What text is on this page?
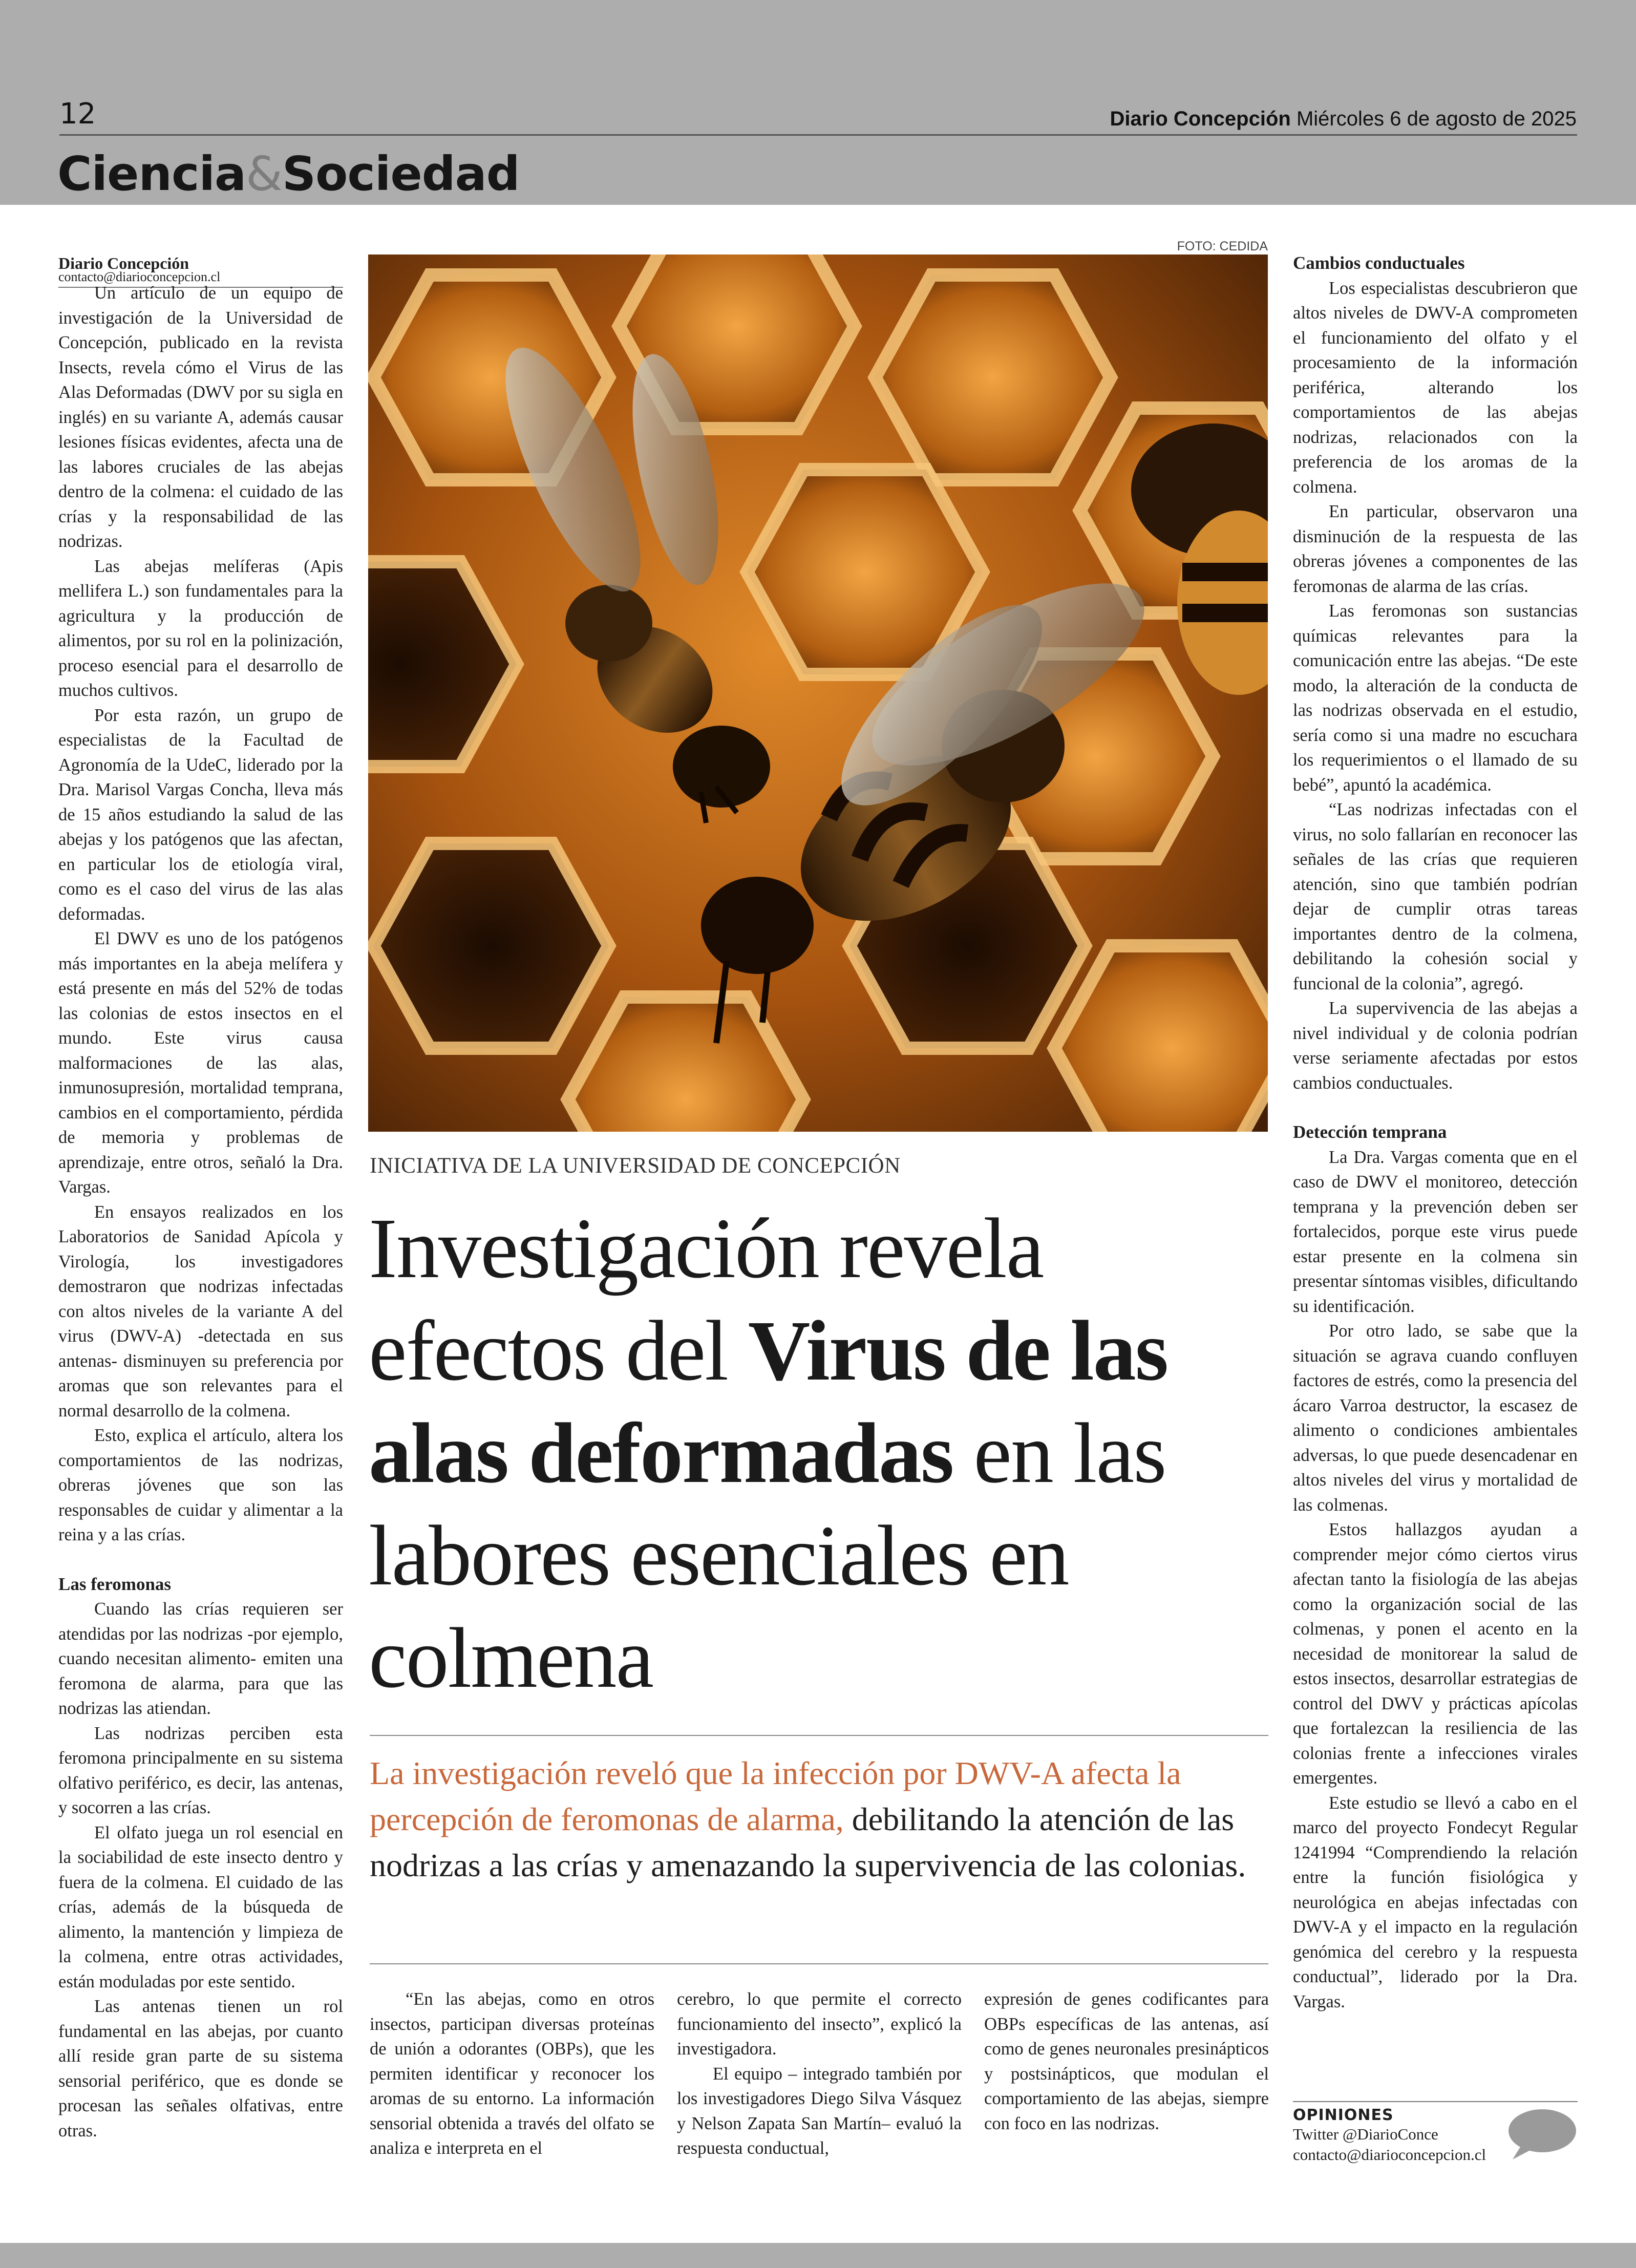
12	Diario Concepción Miércoles 6 de agosto de 2025
Ciencia&Sociedad
Diario Concepción
contacto@diarioconcepcion.cl

Un artículo de un equipo de investigación de la Universidad de Concepción, publicado en la revista Insects, revela cómo el Virus de las Alas Deformadas (DWV por su sigla en inglés) en su variante A, además causar lesiones físicas evidentes, afecta una de las labores cruciales de las abejas dentro de la colmena: el cuidado de las crías y la responsabilidad de las nodrizas.

Las abejas melíferas (Apis mellifera L.) son fundamentales para la agricultura y la producción de alimentos, por su rol en la polinización, proceso esencial para el desarrollo de muchos cultivos.

Por esta razón, un grupo de especialistas de la Facultad de Agronomía de la UdeC, liderado por la Dra. Marisol Vargas Concha, lleva más de 15 años estudiando la salud de las abejas y los patógenos que las afectan, en particular los de etiología viral, como es el caso del virus de las alas deformadas.

El DWV es uno de los patógenos más importantes en la abeja melífera y está presente en más del 52% de todas las colonias de estos insectos en el mundo. Este virus causa malformaciones de las alas, inmunosupresión, mortalidad temprana, cambios en el comportamiento, pérdida de memoria y problemas de aprendizaje, entre otros, señaló la Dra. Vargas.

En ensayos realizados en los Laboratorios de Sanidad Apícola y Virología, los investigadores demostraron que nodrizas infectadas con altos niveles de la variante A del virus (DWV-A) -detectada en sus antenas- disminuyen su preferencia por aromas que son relevantes para el normal desarrollo de la colmena.

Esto, explica el artículo, altera los comportamientos de las nodrizas, obreras jóvenes que son las responsables de cuidar y alimentar a la reina y a las crías.

Las feromonas

Cuando las crías requieren ser atendidas por las nodrizas -por ejemplo, cuando necesitan alimento- emiten una feromona de alarma, para que las nodrizas las atiendan.

Las nodrizas perciben esta feromona principalmente en su sistema olfativo periférico, es decir, las antenas, y socorren a las crías.

El olfato juega un rol esencial en la sociabilidad de este insecto dentro y fuera de la colmena. El cuidado de las crías, además de la búsqueda de alimento, la mantención y limpieza de la colmena, entre otras actividades, están moduladas por este sentido.

Las antenas tienen un rol fundamental en las abejas, por cuanto allí reside gran parte de su sistema sensorial periférico, que es donde se procesan las señales olfativas, entre otras.

FOTO: CEDIDA
INICIATIVA DE LA UNIVERSIDAD DE CONCEPCIÓN
Investigación revela efectos del Virus de las alas deformadas en las labores esenciales en colmena
La investigación reveló que la infección por DWV-A afecta la percepción de feromonas de alarma, debilitando la atención de las nodrizas a las crías y amenazando la supervivencia de las colonias.

“En las abejas, como en otros insectos, participan diversas proteínas de unión a odorantes (OBPs), que les permiten identificar y reconocer los aromas de su entorno. La información sensorial obtenida a través del olfato se analiza e interpreta en el

cerebro, lo que permite el correcto funcionamiento del insecto”, explicó la investigadora.

El equipo – integrado también por los investigadores Diego Silva Vásquez y Nelson Zapata San Martín– evaluó la respuesta conductual,

expresión de genes codificantes para OBPs específicas de las antenas, así como de genes neuronales presinápticos y postsinápticos, que modulan el comportamiento de las abejas, siempre con foco en las nodrizas.

Cambios conductuales

Los especialistas descubrieron que altos niveles de DWV-A comprometen el funcionamiento del olfato y el procesamiento de la información periférica, alterando los comportamientos de las abejas nodrizas, relacionados con la preferencia de los aromas de la colmena.

En particular, observaron una disminución de la respuesta de las obreras jóvenes a componentes de las feromonas de alarma de las crías.

Las feromonas son sustancias químicas relevantes para la comunicación entre las abejas. “De este modo, la alteración de la conducta de las nodrizas observada en el estudio, sería como si una madre no escuchara los requerimientos o el llamado de su bebé”, apuntó la académica.

“Las nodrizas infectadas con el virus, no solo fallarían en reconocer las señales de las crías que requieren atención, sino que también podrían dejar de cumplir otras tareas importantes dentro de la colmena, debilitando la cohesión social y funcional de la colonia”, agregó.

La supervivencia de las abejas a nivel individual y de colonia podrían verse seriamente afectadas por estos cambios conductuales.

Detección temprana

La Dra. Vargas comenta que en el caso de DWV el monitoreo, detección temprana y la prevención deben ser fortalecidos, porque este virus puede estar presente en la colmena sin presentar síntomas visibles, dificultando su identificación.

Por otro lado, se sabe que la situación se agrava cuando confluyen factores de estrés, como la presencia del ácaro Varroa destructor, la escasez de alimento o condiciones ambientales adversas, lo que puede desencadenar en altos niveles del virus y mortalidad de las colmenas.

Estos hallazgos ayudan a comprender mejor cómo ciertos virus afectan tanto la fisiología de las abejas como la organización social de las colmenas, y ponen el acento en la necesidad de monitorear la salud de estos insectos, desarrollar estrategias de control del DWV y prácticas apícolas que fortalezcan la resiliencia de las colonias frente a infecciones virales emergentes.

Este estudio se llevó a cabo en el marco del proyecto Fondecyt Regular 1241994 “Comprendiendo la relación entre la función fisiológica y neurológica en abejas infectadas con DWV-A y el impacto en la regulación genómica del cerebro y la respuesta conductual”, liderado por la Dra. Vargas.

OPINIONES
Twitter @DiarioConce
contacto@diarioconcepcion.cl
